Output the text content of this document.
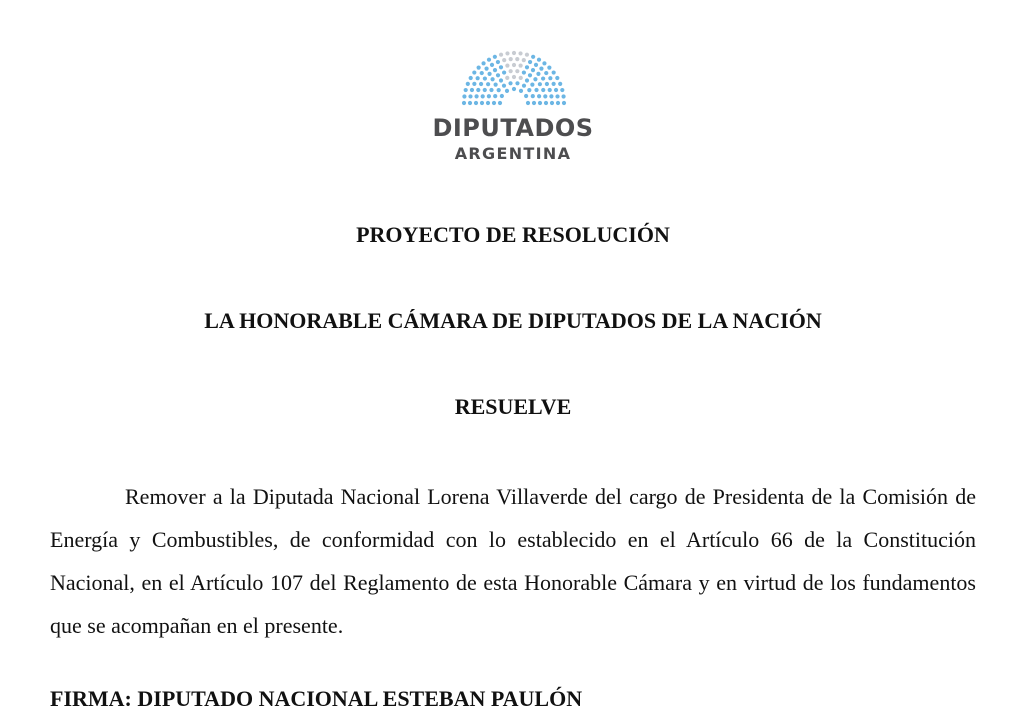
DIPUTADOS

ARGENTINA

PROYECTO DE RESOLUCIÓN
LA HONORABLE CÁMARA DE DIPUTADOS DE LA NACIÓN
RESUELVE

Remover a la Diputada Nacional Lorena Villaverde del cargo de Presidenta de la Comisión de Energía y Combustibles, de conformidad con lo establecido en el Artículo 66 de la Constitución Nacional, en el Artículo 107 del Reglamento de esta Honorable Cámara y en virtud de los fundamentos que se acompañan en el presente.

FIRMA: DIPUTADO NACIONAL ESTEBAN PAULÓN
